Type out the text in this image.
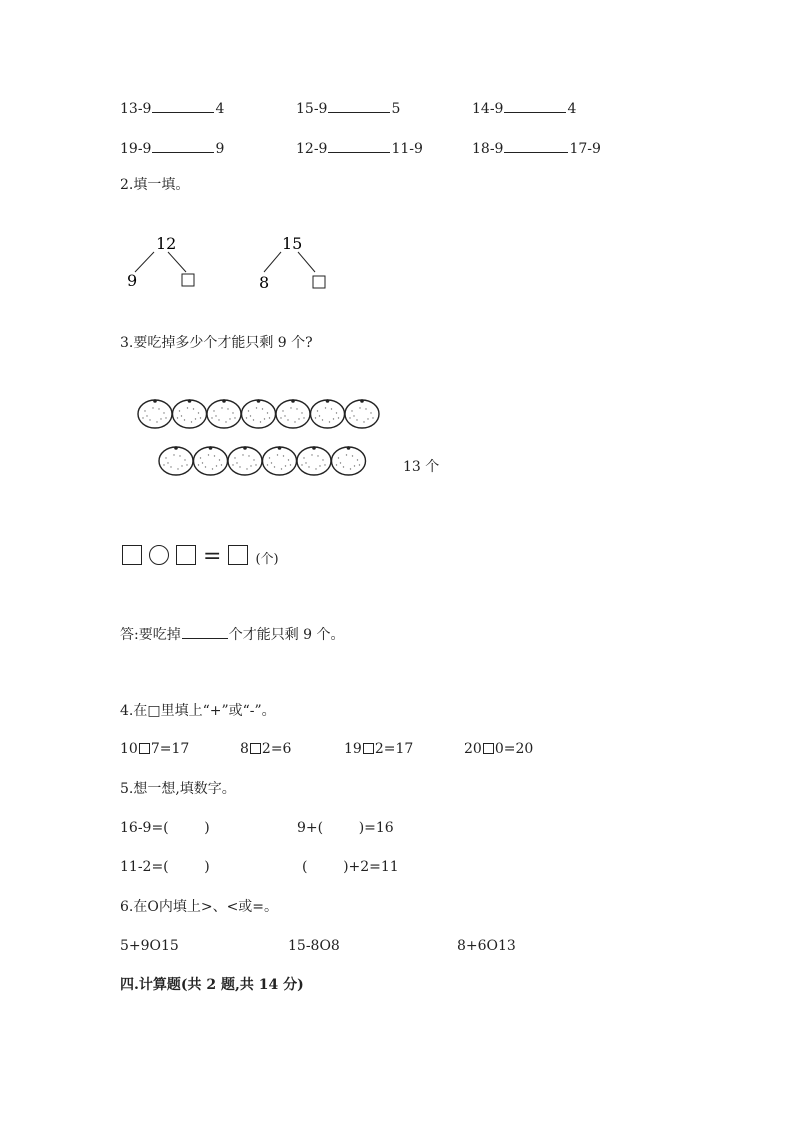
13-9	4	15-9	5	14-9	4
19-9	9	12-9	11-9	18-9	17-9
2.填一填。
12
9
15
8
3.要吃掉多少个才能只剩 9 个?
13 个
=	(个)
答:要吃掉	个才能只剩 9 个。
4.在□里填上“+”或“-”。
10 7=17	8 2=6	19 2=17	20 0=20
5.想一想,填数字。
16-9=(        )	9+(        )=16
11-2=(        )	(        )+2=11
6.在O内填上>、<或=。
5+9O15	15-8O8	8+6O13
四.计算题(共 2 题,共 14 分)
